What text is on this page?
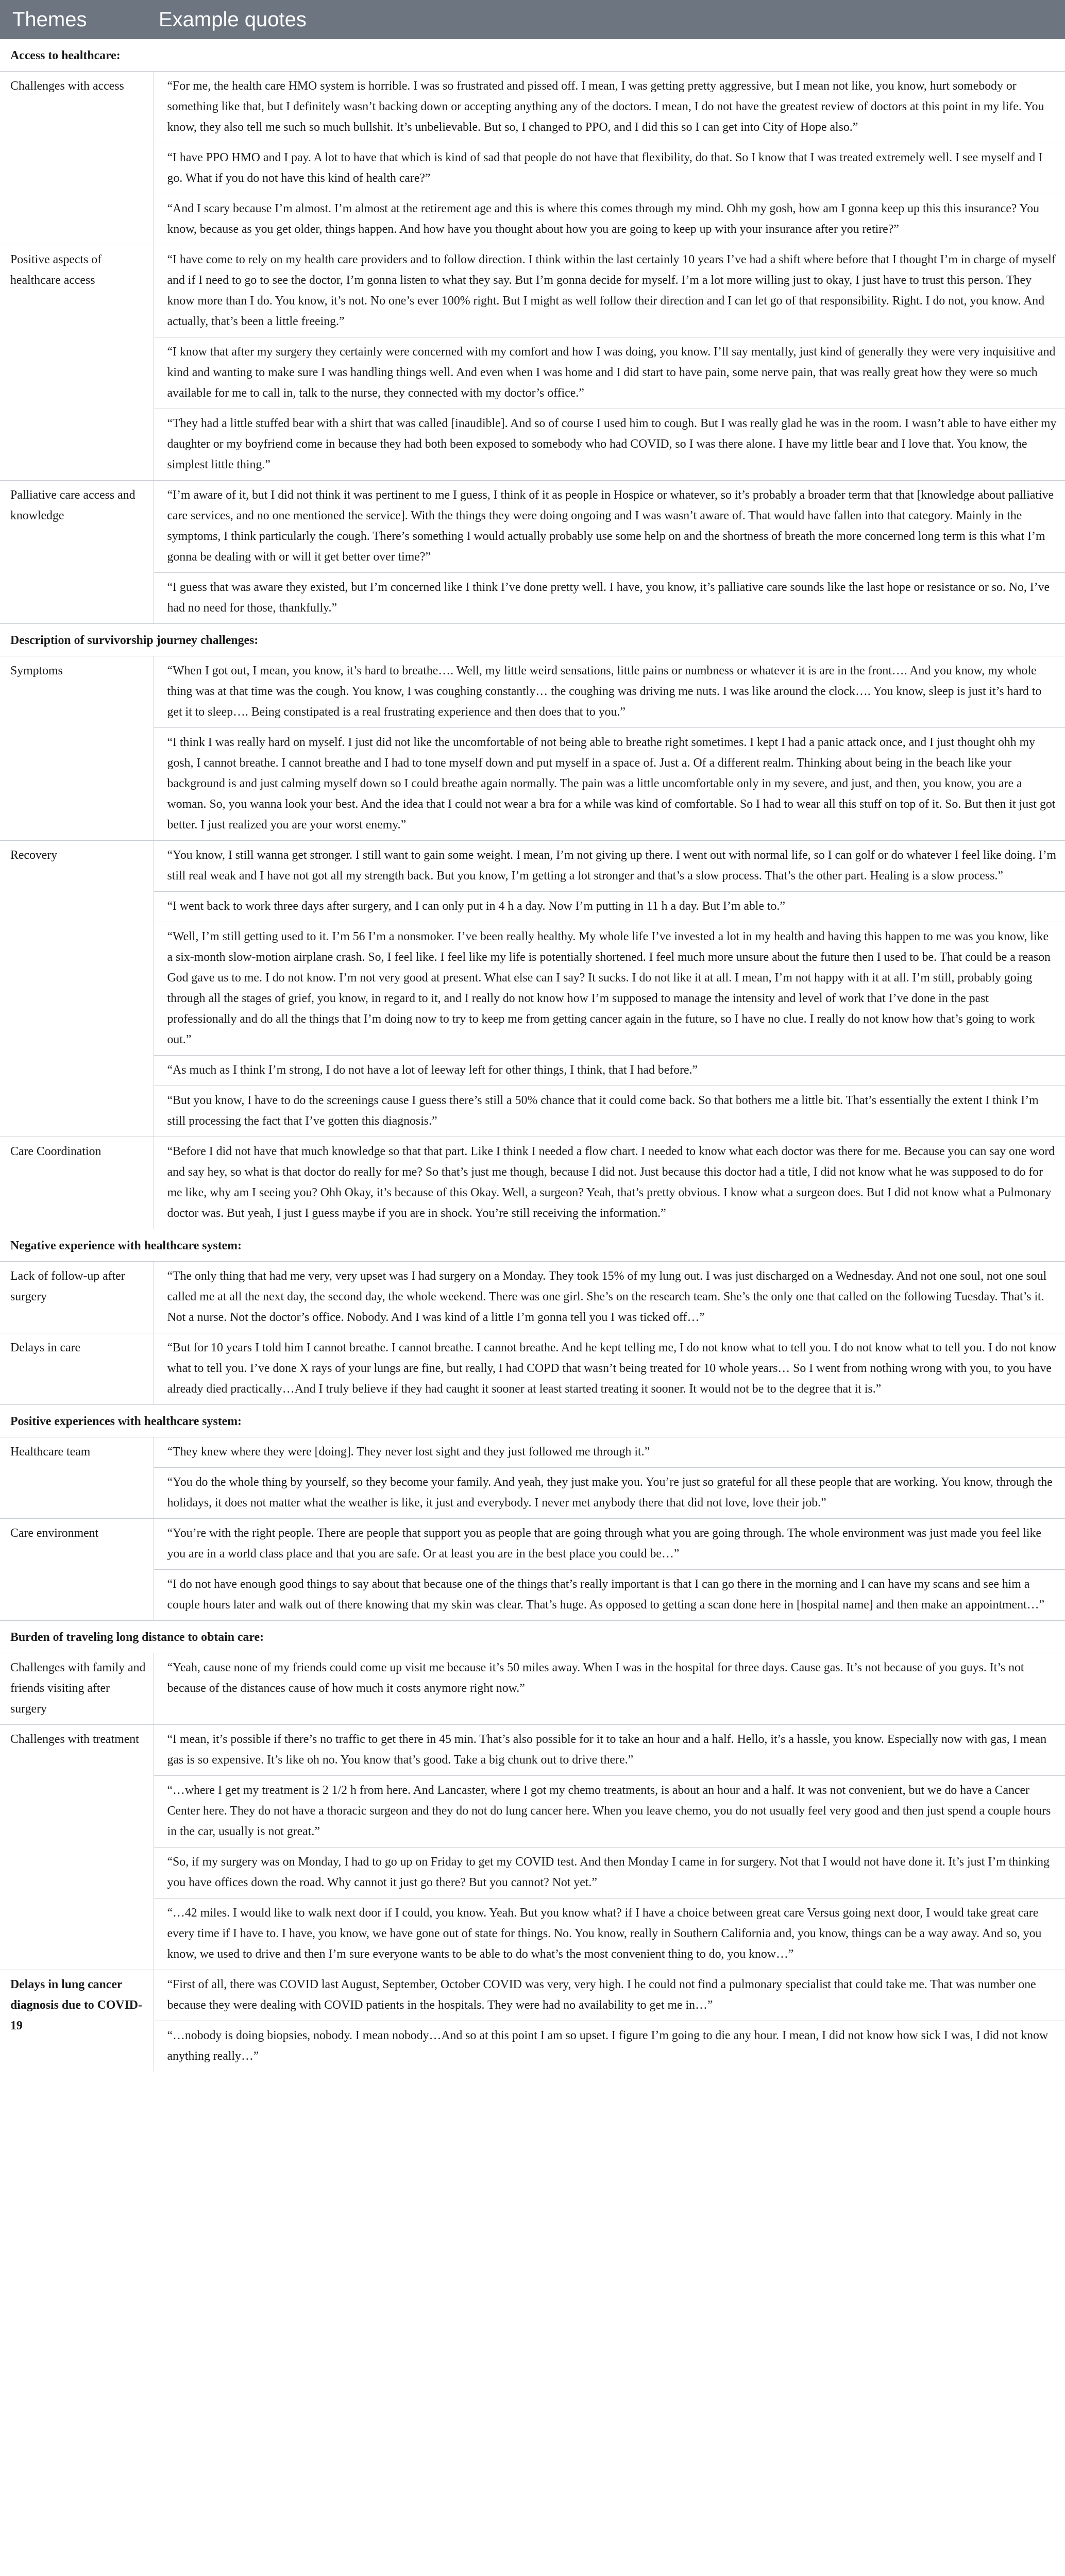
Themes	Example quotes
Access to healthcare:	
Challenges with access	“For me, the health care HMO system is horrible. I was so frustrated and pissed off. I mean, I was getting pretty aggressive, but I mean not like, you know, hurt somebody or something like that, but I definitely wasn’t backing down or accepting anything any of the doctors. I mean, I do not have the greatest review of doctors at this point in my life. You know, they also tell me such so much bullshit. It’s unbelievable. But so, I changed to PPO, and I did this so I can get into City of Hope also.”
	“I have PPO HMO and I pay. A lot to have that which is kind of sad that people do not have that flexibility, do that. So I know that I was treated extremely well. I see myself and I go. What if you do not have this kind of health care?”
	“And I scary because I’m almost. I’m almost at the retirement age and this is where this comes through my mind. Ohh my gosh, how am I gonna keep up this this insurance? You know, because as you get older, things happen. And how have you thought about how you are going to keep up with your insurance after you retire?”
Positive aspects of healthcare access	“I have come to rely on my health care providers and to follow direction. I think within the last certainly 10 years I’ve had a shift where before that I thought I’m in charge of myself and if I need to go to see the doctor, I’m gonna listen to what they say. But I’m gonna decide for myself. I’m a lot more willing just to okay, I just have to trust this person. They know more than I do. You know, it’s not. No one’s ever 100% right. But I might as well follow their direction and I can let go of that responsibility. Right. I do not, you know. And actually, that’s been a little freeing.”
	“I know that after my surgery they certainly were concerned with my comfort and how I was doing, you know. I’ll say mentally, just kind of generally they were very inquisitive and kind and wanting to make sure I was handling things well. And even when I was home and I did start to have pain, some nerve pain, that was really great how they were so much available for me to call in, talk to the nurse, they connected with my doctor’s office.”
	“They had a little stuffed bear with a shirt that was called [inaudible]. And so of course I used him to cough. But I was really glad he was in the room. I wasn’t able to have either my daughter or my boyfriend come in because they had both been exposed to somebody who had COVID, so I was there alone. I have my little bear and I love that. You know, the simplest little thing.”
Palliative care access and knowledge	“I’m aware of it, but I did not think it was pertinent to me I guess, I think of it as people in Hospice or whatever, so it’s probably a broader term that that [knowledge about palliative care services, and no one mentioned the service]. With the things they were doing ongoing and I was wasn’t aware of. That would have fallen into that category. Mainly in the symptoms, I think particularly the cough. There’s something I would actually probably use some help on and the shortness of breath the more concerned long term is this what I’m gonna be dealing with or will it get better over time?”
	“I guess that was aware they existed, but I’m concerned like I think I’ve done pretty well. I have, you know, it’s palliative care sounds like the last hope or resistance or so. No, I’ve had no need for those, thankfully.”
Description of survivorship journey challenges:	
Symptoms	“When I got out, I mean, you know, it’s hard to breathe…. Well, my little weird sensations, little pains or numbness or whatever it is are in the front…. And you know, my whole thing was at that time was the cough. You know, I was coughing constantly… the coughing was driving me nuts. I was like around the clock…. You know, sleep is just it’s hard to get it to sleep…. Being constipated is a real frustrating experience and then does that to you.”
	“I think I was really hard on myself. I just did not like the uncomfortable of not being able to breathe right sometimes. I kept I had a panic attack once, and I just thought ohh my gosh, I cannot breathe. I cannot breathe and I had to tone myself down and put myself in a space of. Just a. Of a different realm. Thinking about being in the beach like your background is and just calming myself down so I could breathe again normally. The pain was a little uncomfortable only in my severe, and just, and then, you know, you are a woman. So, you wanna look your best. And the idea that I could not wear a bra for a while was kind of comfortable. So I had to wear all this stuff on top of it. So. But then it just got better. I just realized you are your worst enemy.”
Recovery	“You know, I still wanna get stronger. I still want to gain some weight. I mean, I’m not giving up there. I went out with normal life, so I can golf or do whatever I feel like doing. I’m still real weak and I have not got all my strength back. But you know, I’m getting a lot stronger and that’s a slow process. That’s the other part. Healing is a slow process.”
	“I went back to work three days after surgery, and I can only put in 4 h a day. Now I’m putting in 11 h a day. But I’m able to.”
	“Well, I’m still getting used to it. I’m 56 I’m a nonsmoker. I’ve been really healthy. My whole life I’ve invested a lot in my health and having this happen to me was you know, like a six-month slow-motion airplane crash. So, I feel like. I feel like my life is potentially shortened. I feel much more unsure about the future then I used to be. That could be a reason God gave us to me. I do not know. I’m not very good at present. What else can I say? It sucks. I do not like it at all. I mean, I’m not happy with it at all. I’m still, probably going through all the stages of grief, you know, in regard to it, and I really do not know how I’m supposed to manage the intensity and level of work that I’ve done in the past professionally and do all the things that I’m doing now to try to keep me from getting cancer again in the future, so I have no clue. I really do not know how that’s going to work out.”
	“As much as I think I’m strong, I do not have a lot of leeway left for other things, I think, that I had before.”
	“But you know, I have to do the screenings cause I guess there’s still a 50% chance that it could come back. So that bothers me a little bit. That’s essentially the extent I think I’m still processing the fact that I’ve gotten this diagnosis.”
Care Coordination	“Before I did not have that much knowledge so that that part. Like I think I needed a flow chart. I needed to know what each doctor was there for me. Because you can say one word and say hey, so what is that doctor do really for me? So that’s just me though, because I did not. Just because this doctor had a title, I did not know what he was supposed to do for me like, why am I seeing you? Ohh Okay, it’s because of this Okay. Well, a surgeon? Yeah, that’s pretty obvious. I know what a surgeon does. But I did not know what a Pulmonary doctor was. But yeah, I just I guess maybe if you are in shock. You’re still receiving the information.”
Negative experience with healthcare system:	
Lack of follow-up after surgery	“The only thing that had me very, very upset was I had surgery on a Monday. They took 15% of my lung out. I was just discharged on a Wednesday. And not one soul, not one soul called me at all the next day, the second day, the whole weekend. There was one girl. She’s on the research team. She’s the only one that called on the following Tuesday. That’s it. Not a nurse. Not the doctor’s office. Nobody. And I was kind of a little I’m gonna tell you I was ticked off…”
Delays in care	“But for 10 years I told him I cannot breathe. I cannot breathe. I cannot breathe. And he kept telling me, I do not know what to tell you. I do not know what to tell you. I do not know what to tell you. I’ve done X rays of your lungs are fine, but really, I had COPD that wasn’t being treated for 10 whole years… So I went from nothing wrong with you, to you have already died practically…And I truly believe if they had caught it sooner at least started treating it sooner. It would not be to the degree that it is.”
Positive experiences with healthcare system:	
Healthcare team	“They knew where they were [doing]. They never lost sight and they just followed me through it.”
	“You do the whole thing by yourself, so they become your family. And yeah, they just make you. You’re just so grateful for all these people that are working. You know, through the holidays, it does not matter what the weather is like, it just and everybody. I never met anybody there that did not love, love their job.”
Care environment	“You’re with the right people. There are people that support you as people that are going through what you are going through. The whole environment was just made you feel like you are in a world class place and that you are safe. Or at least you are in the best place you could be…”
	“I do not have enough good things to say about that because one of the things that’s really important is that I can go there in the morning and I can have my scans and see him a couple hours later and walk out of there knowing that my skin was clear. That’s huge. As opposed to getting a scan done here in [hospital name] and then make an appointment…”
Burden of traveling long distance to obtain care:	
Challenges with family and friends visiting after surgery	“Yeah, cause none of my friends could come up visit me because it’s 50 miles away. When I was in the hospital for three days. Cause gas. It’s not because of you guys. It’s not because of the distances cause of how much it costs anymore right now.”
Challenges with treatment	“I mean, it’s possible if there’s no traffic to get there in 45 min. That’s also possible for it to take an hour and a half. Hello, it’s a hassle, you know. Especially now with gas, I mean gas is so expensive. It’s like oh no. You know that’s good. Take a big chunk out to drive there.”
	“…where I get my treatment is 2 1/2 h from here. And Lancaster, where I got my chemo treatments, is about an hour and a half. It was not convenient, but we do have a Cancer Center here. They do not have a thoracic surgeon and they do not do lung cancer here. When you leave chemo, you do not usually feel very good and then just spend a couple hours in the car, usually is not great.”
	“So, if my surgery was on Monday, I had to go up on Friday to get my COVID test. And then Monday I came in for surgery. Not that I would not have done it. It’s just I’m thinking you have offices down the road. Why cannot it just go there? But you cannot? Not yet.”
	“…42 miles. I would like to walk next door if I could, you know. Yeah. But you know what? if I have a choice between great care Versus going next door, I would take great care every time if I have to. I have, you know, we have gone out of state for things. No. You know, really in Southern California and, you know, things can be a way away. And so, you know, we used to drive and then I’m sure everyone wants to be able to do what’s the most convenient thing to do, you know…”
Delays in lung cancer diagnosis due to COVID-19	“First of all, there was COVID last August, September, October COVID was very, very high. I he could not find a pulmonary specialist that could take me. That was number one because they were dealing with COVID patients in the hospitals. They were had no availability to get me in…”
	“…nobody is doing biopsies, nobody. I mean nobody…And so at this point I am so upset. I figure I’m going to die any hour. I mean, I did not know how sick I was, I did not know anything really…”
